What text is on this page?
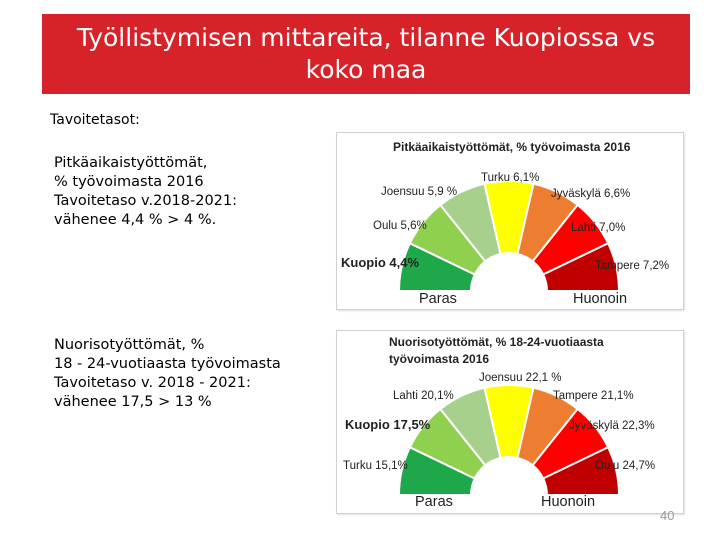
Työllistymisen mittareita, tilanne Kuopiossa vs koko maa
Tavoitetasot:
Pitkäaikaistyöttömät,
% työvoimasta 2016
Tavoitetaso v.2018-2021:
vähenee 4,4 % > 4 %.
Nuorisotyöttömät, %
18 - 24-vuotiaasta työvoimasta
Tavoitetaso v. 2018 - 2021:
vähenee 17,5 > 13 %
Pitkäaikaistyöttömät, % työvoimasta 2016
Kuopio 4,4%
Oulu 5,6%
Joensuu 5,9 %
Turku 6,1%
Jyväskylä 6,6%
Lahti 7,0%
Tampere 7,2%
Paras	Huonoin
Nuorisotyöttömät, % 18-24-vuotiaasta
työvoimasta 2016
Turku 15,1%
Kuopio 17,5%
Lahti 20,1%
Joensuu 22,1 %
Tampere 21,1%
Jyväskylä 22,3%
Oulu 24,7%
Paras	Huonoin
40
